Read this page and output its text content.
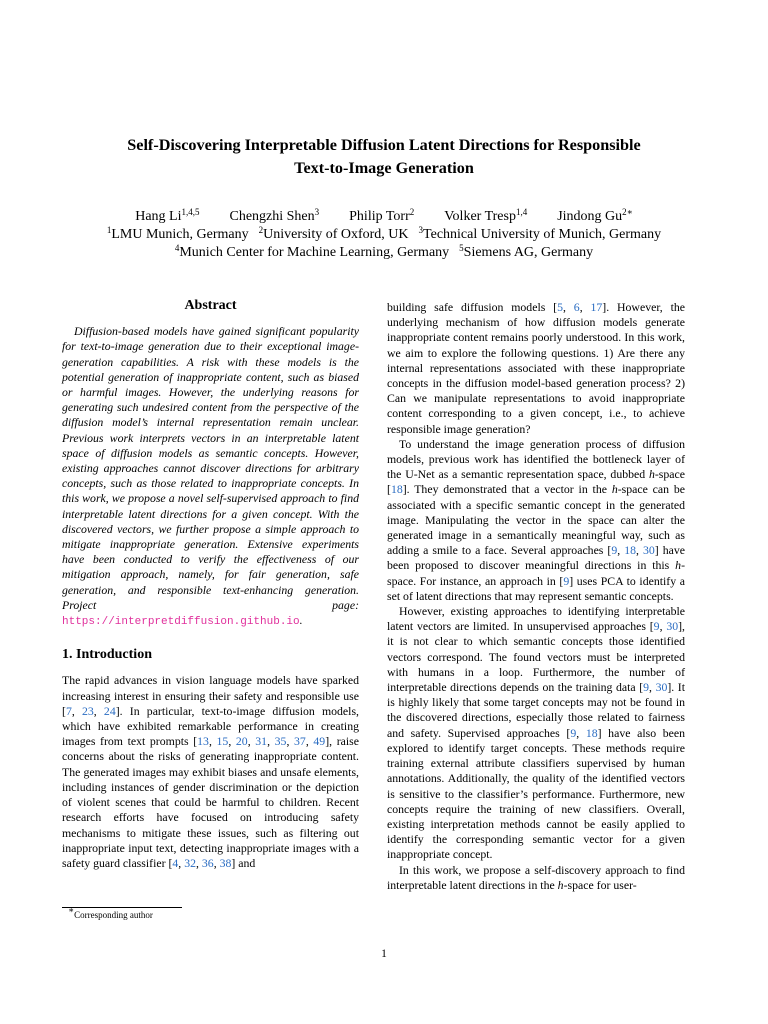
Self-Discovering Interpretable Diffusion Latent Directions for Responsible
Text-to-Image Generation
Hang Li$^{1,4,5}$ Chengzhi Shen$^3$ Philip Torr$^2$ Volker Tresp$^{1,4}$ Jindong $Gu^{2∗}$
$^1$LMU Munich, Germany $^2$University of Oxford, UK $^3$Technical University of Munich, Germany
$^4$Munich Center for Machine Learning, Germany $^5$Siemens AG, Germany
Abstract

Diffusion-based models have gained significant popularity for text-to-image generation due to their exceptional image-generation capabilities. A risk with these models is the potential generation of inappropriate content, such as biased or harmful images. However, the underlying reasons for generating such undesired content from the perspective of the diffusion model’s internal representation remain unclear. Previous work interprets vectors in an interpretable latent space of diffusion models as semantic concepts. However, existing approaches cannot discover directions for arbitrary concepts, such as those related to inappropriate concepts. In this work, we propose a novel self-supervised approach to find interpretable latent directions for a given concept. With the discovered vectors, we further propose a simple approach to mitigate inappropriate generation. Extensive experiments have been conducted to verify the effectiveness of our mitigation approach, namely, for fair generation, safe generation, and responsible text-enhancing generation. Project page: https://interpretdiffusion.github.io.

1. Introduction

The rapid advances in vision language models have sparked increasing interest in ensuring their safety and responsible use [7, 23, 24]. In particular, text-to-image diffusion models, which have exhibited remarkable performance in creating images from text prompts [13, 15, 20, 31, 35, 37, 49], raise concerns about the risks of generating inappropriate content. The generated images may exhibit biases and unsafe elements, including instances of gender discrimination or the depiction of violent scenes that could be harmful to children. Recent research efforts have focused on introducing safety mechanisms to mitigate these issues, such as filtering out inappropriate input text, detecting inappropriate images with a safety guard classifier [4, 32, 36, 38] and

building safe diffusion models [5, 6, 17]. However, the underlying mechanism of how diffusion models generate inappropriate content remains poorly understood. In this work, we aim to explore the following questions. 1) Are there any internal representations associated with these inappropriate concepts in the diffusion model-based generation process? 2) Can we manipulate representations to avoid inappropriate content corresponding to a given concept, i.e., to achieve responsible image generation?

To understand the image generation process of diffusion models, previous work has identified the bottleneck layer of the U-Net as a semantic representation space, dubbed h-space [18]. They demonstrated that a vector in the h-space can be associated with a specific semantic concept in the generated image. Manipulating the vector in the space can alter the generated image in a semantically meaningful way, such as adding a smile to a face. Several approaches [9, 18, 30] have been proposed to discover meaningful directions in this h-space. For instance, an approach in [9] uses PCA to identify a set of latent directions that may represent semantic concepts.

However, existing approaches to identifying interpretable latent vectors are limited. In unsupervised approaches [9, 30], it is not clear to which semantic concepts those identified vectors correspond. The found vectors must be interpreted with humans in a loop. Furthermore, the number of interpretable directions depends on the training data [9, 30]. It is highly likely that some target concepts may not be found in the discovered directions, especially those related to fairness and safety. Supervised approaches [9, 18] have also been explored to identify target concepts. These methods require training external attribute classifiers supervised by human annotations. Additionally, the quality of the identified vectors is sensitive to the classifier’s performance. Furthermore, new concepts require the training of new classifiers. Overall, existing interpretation methods cannot be easily applied to identify the corresponding semantic vector for a given inappropriate concept.

In this work, we propose a self-discovery approach to find interpretable latent directions in the h-space for user-

∗Corresponding author
1
